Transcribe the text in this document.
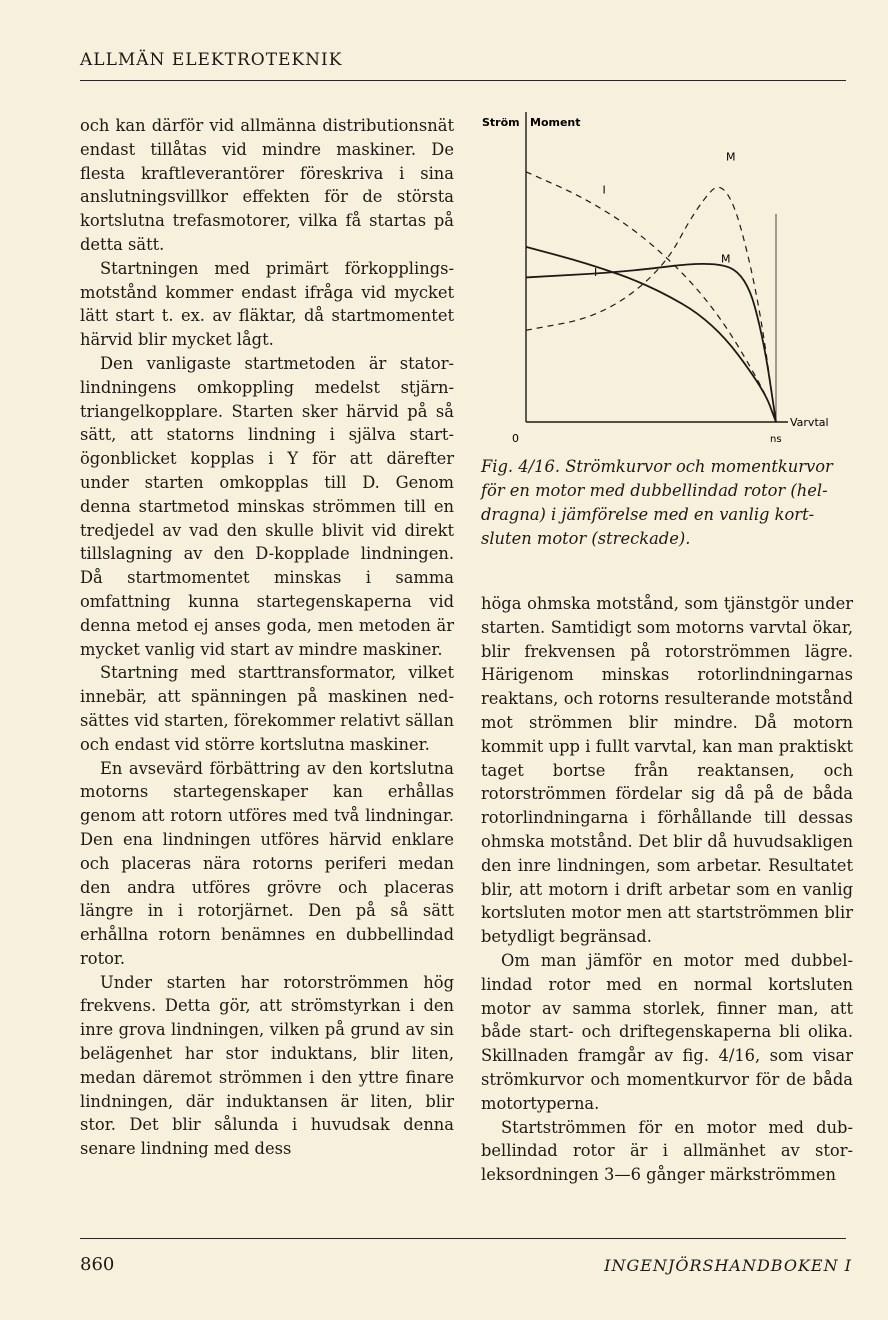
ALLMÄN ELEKTROTEKNIK

och kan därför vid allmänna distributionsnät endast tillåtas vid mindre maskiner. De flesta kraftleverantörer föreskriva i sina anslutningsvillkor effekten för de största kortslutna trefasmotorer, vilka få startas på detta sätt.

Startningen med primärt förkopplingsmotstånd kommer endast ifråga vid mycket lätt start t. ex. av fläktar, då startmomentet härvid blir mycket lågt.

Den vanligaste startmetoden är statorlindningens omkoppling medelst stjärn-triangelkopplare. Starten sker härvid på så sätt, att statorns lindning i själva startögonblicket kopplas i Y för att därefter under starten omkopplas till D. Genom denna startmetod minskas strömmen till en tredjedel av vad den skulle blivit vid direkt tillslagning av den D-kopplade lindningen. Då startmomentet minskas i samma omfattning kunna startegenskaperna vid denna metod ej anses goda, men metoden är mycket vanlig vid start av mindre maskiner.

Startning med starttransformator, vilket innebär, att spänningen på maskinen nedsättes vid starten, förekommer relativt sällan och endast vid större kortslutna maskiner.

En avsevärd förbättring av den kortslutna motorns startegenskaper kan erhållas genom att rotorn utföres med två lindningar. Den ena lindningen utföres härvid enklare och placeras nära rotorns periferi medan den andra utföres grövre och placeras längre in i rotorjärnet. Den på så sätt erhållna rotorn benämnes en dubbellindad rotor.

Under starten har rotorströmmen hög frekvens. Detta gör, att strömstyrkan i den inre grova lindningen, vilken på grund av sin belägenhet har stor induktans, blir liten, medan däremot strömmen i den yttre finare lindningen, där induktansen är liten, blir stor. Det blir sålunda i huvudsak denna senare lindning med dess

Ström Moment
Varvtal
0	ns
I
M
I
M
Fig. 4/16. Strömkurvor och momentkurvor för en motor med dubbellindad rotor (heldragna) i jämförelse med en vanlig kortsluten motor (streckade).

höga ohmska motstånd, som tjänstgör under starten. Samtidigt som motorns varvtal ökar, blir frekvensen på rotorströmmen lägre. Härigenom minskas rotorlindningarnas reaktans, och rotorns resulterande motstånd mot strömmen blir mindre. Då motorn kommit upp i fullt varvtal, kan man praktiskt taget bortse från reaktansen, och rotorströmmen fördelar sig då på de båda rotorlindningarna i förhållande till dessas ohmska motstånd. Det blir då huvudsakligen den inre lindningen, som arbetar. Resultatet blir, att motorn i drift arbetar som en vanlig kortsluten motor men att startströmmen blir betydligt begränsad.

Om man jämför en motor med dubbellindad rotor med en normal kortsluten motor av samma storlek, finner man, att både start- och driftegenskaperna bli olika. Skillnaden framgår av fig. 4/16, som visar strömkurvor och momentkurvor för de båda motortyperna.

Startströmmen för en motor med dubbellindad rotor är i allmänhet av storleksordningen 3—6 gånger märkströmmen

860	INGENJÖRSHANDBOKEN I
